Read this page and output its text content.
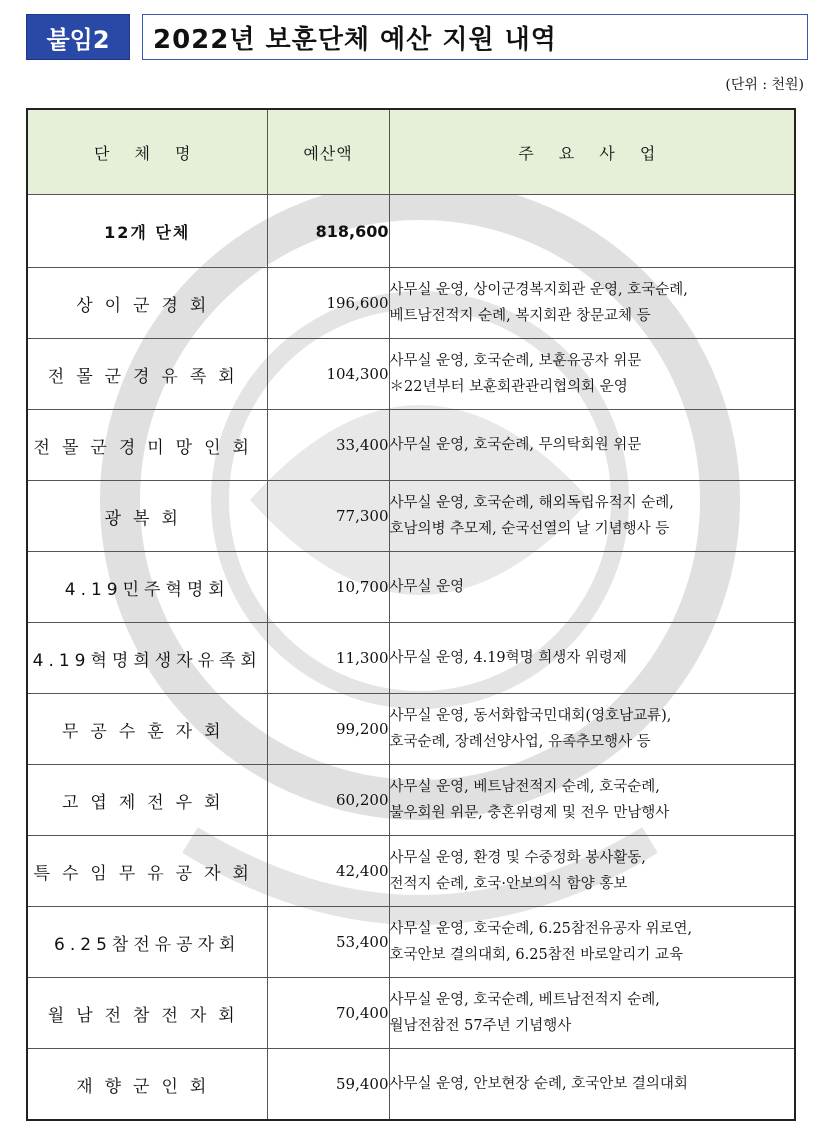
붙임2	2022년 보훈단체 예산 지원 내역
(단위 : 천원)
단 체 명	예산액	주 요 사 업
12개 단체	818,600	
상이군경회	196,600	사무실 운영, 상이군경복지회관 운영, 호국순례,
베트남전적지 순례, 복지회관 창문교체 등

전몰군경유족회	104,300	사무실 운영, 호국순례, 보훈유공자 위문
＊22년부터 보훈회관관리협의회 운영

전몰군경미망인회	33,400	사무실 운영, 호국순례, 무의탁회원 위문

광복회	77,300	사무실 운영, 호국순례, 해외독립유적지 순례,
호남의병 추모제, 순국선열의 날 기념행사 등

4.19민주혁명회	10,700	사무실 운영

4.19혁명희생자유족회	11,300	사무실 운영, 4.19혁명 희생자 위령제

무공수훈자회	99,200	사무실 운영, 동서화합국민대회(영호남교류),
호국순례, 장례선양사업, 유족추모행사 등

고엽제전우회	60,200	사무실 운영, 베트남전적지 순례, 호국순례,
불우회원 위문, 충혼위령제 및 전우 만남행사

특수임무유공자회	42,400	사무실 운영, 환경 및 수중정화 봉사활동,
전적지 순례, 호국·안보의식 함양 홍보

6.25참전유공자회	53,400	사무실 운영, 호국순례, 6.25참전유공자 위로연,
호국안보 결의대회, 6.25참전 바로알리기 교육

월남전참전자회	70,400	사무실 운영, 호국순례, 베트남전적지 순례,
월남전참전 57주년 기념행사

재향군인회	59,400	사무실 운영, 안보현장 순례, 호국안보 결의대회
